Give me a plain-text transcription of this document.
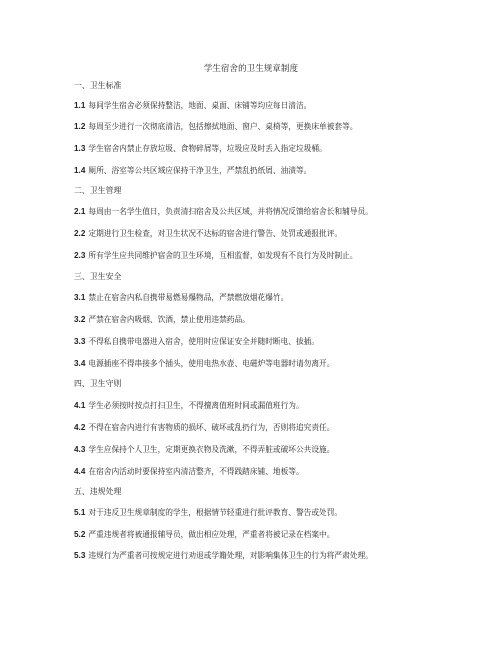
学生宿舍的卫生规章制度
一、卫生标准
1.1 每间学生宿舍必须保持整洁，地面、桌面、床铺等均应每日清洁。
1.2 每周至少进行一次彻底清洁，包括擦拭地面、窗户、桌椅等，更换床单被套等。
1.3 学生宿舍内禁止存放垃圾、食物碎屑等，垃圾应及时丢入指定垃圾桶。
1.4 厕所、浴室等公共区域应保持干净卫生，严禁乱扔纸屑、油渍等。
二、卫生管理
2.1 每周由一名学生值日，负责清扫宿舍及公共区域，并将情况反馈给宿舍长和辅导员。
2.2 定期进行卫生检查，对卫生状况不达标的宿舍进行警告、处罚或通报批评。
2.3 所有学生应共同维护宿舍的卫生环境，互相监督，如发现有不良行为及时制止。
三、卫生安全
3.1 禁止在宿舍内私自携带易燃易爆物品，严禁燃放烟花爆竹。
3.2 严禁在宿舍内吸烟、饮酒，禁止使用违禁药品。
3.3 不得私自携带电器进入宿舍，使用时应保证安全并随时断电、拔插。
3.4 电源插座不得串接多个插头，使用电热水壶、电磁炉等电器时请勿离开。
四、卫生守则
4.1 学生必须按时按点打扫卫生，不得擅离值班时间或漏值班行为。
4.2 不得在宿舍内进行有害物质的损坏、破坏或乱扔行为，否则将追究责任。
4.3 学生应保持个人卫生，定期更换衣物及洗漱，不得弄脏或破坏公共设施。
4.4 在宿舍内活动时要保持室内清洁整齐，不得践踏床铺、地板等。
五、违规处理
5.1 对于违反卫生规章制度的学生，根据情节轻重进行批评教育、警告或处罚。
5.2 严重违规者将被通报辅导员，做出相应处理，严重者将被记录在档案中。
5.3 违规行为严重者可按规定进行劝退或学籍处理，对影响集体卫生的行为将严肃处理。
